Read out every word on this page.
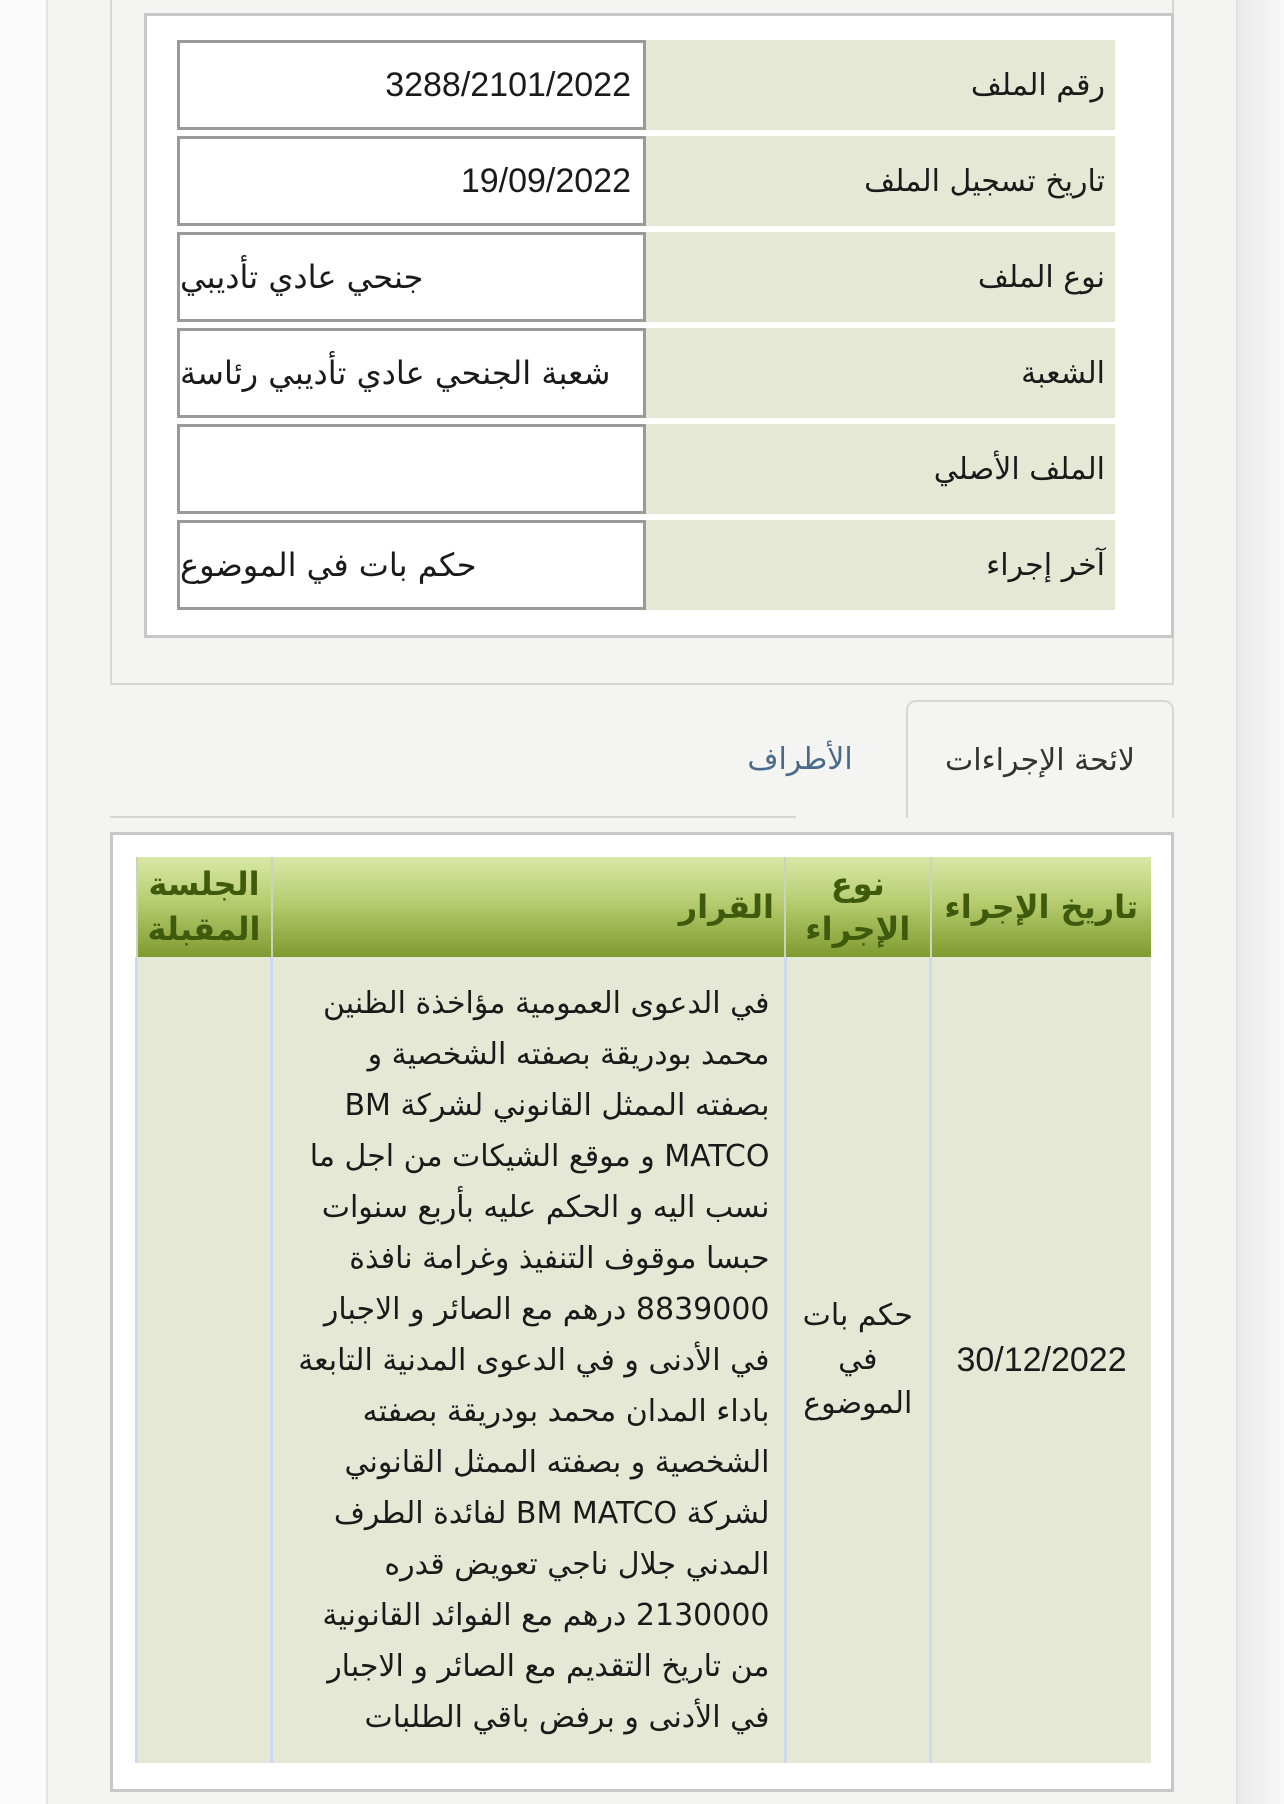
3288/2101/2022	رقم الملف
19/09/2022	تاريخ تسجيل الملف
جنحي عادي تأديبي	نوع الملف
شعبة الجنحي عادي تأديبي رئاسة	الشعبة
الملف الأصلي
حكم بات في الموضوع	آخر إجراء
لائحة الإجراءات
الأطراف
تاريخ الإجراء	نوع الإجراء	القرار	الجلسة المقبلة
30/12/2022	حكم بات في الموضوع	في الدعوى العمومية مؤاخذة الظنين محمد بودريقة بصفته الشخصية و بصفته الممثل القانوني لشركة BM MATCO و موقع الشيكات من اجل ما نسب اليه و الحكم عليه بأربع سنوات حبسا موقوف التنفيذ وغرامة نافذة 8839000 درهم مع الصائر و الاجبار في الأدنى و في الدعوى المدنية التابعة باداء المدان محمد بودريقة بصفته الشخصية و بصفته الممثل القانوني لشركة BM MATCO لفائدة الطرف المدني جلال ناجي تعويض قدره 2130000 درهم مع الفوائد القانونية من تاريخ التقديم مع الصائر و الاجبار في الأدنى و برفض باقي الطلبات	
